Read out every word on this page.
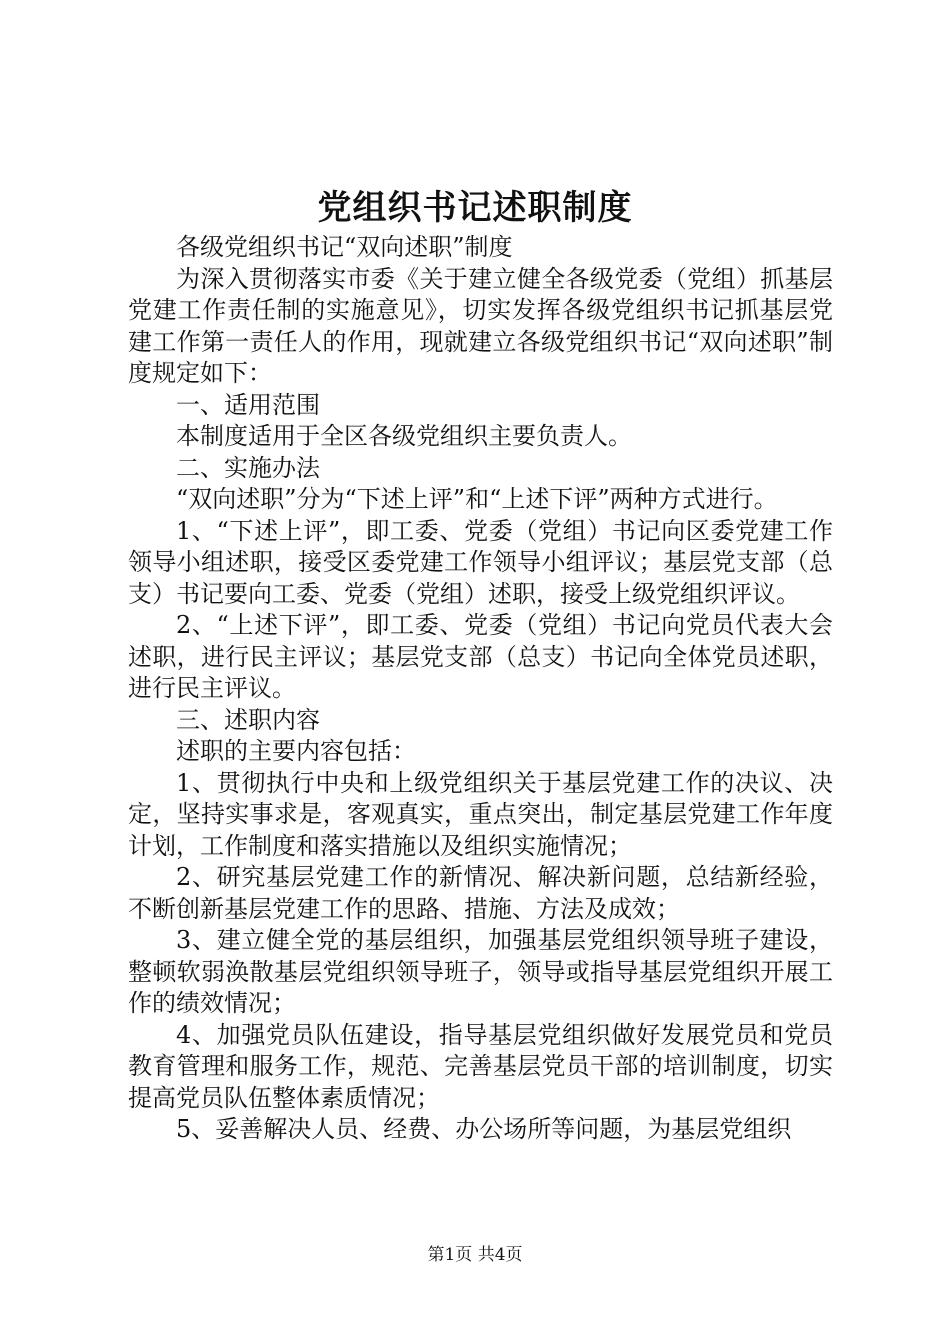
党组织书记述职制度

各级党组织书记“双向述职”制度

为深入贯彻落实市委《关于建立健全各级党委（党组）抓基层党建工作责任制的实施意见》，切实发挥各级党组织书记抓基层党建工作第一责任人的作用，现就建立各级党组织书记“双向述职”制度规定如下：

一、适用范围

本制度适用于全区各级党组织主要负责人。

二、实施办法

“双向述职”分为“下述上评”和“上述下评”两种方式进行。

1、“下述上评”，即工委、党委（党组）书记向区委党建工作领导小组述职，接受区委党建工作领导小组评议；基层党支部（总支）书记要向工委、党委（党组）述职，接受上级党组织评议。

2、“上述下评”，即工委、党委（党组）书记向党员代表大会述职，进行民主评议；基层党支部（总支）书记向全体党员述职，进行民主评议。

三、述职内容

述职的主要内容包括：

1、贯彻执行中央和上级党组织关于基层党建工作的决议、决定，坚持实事求是，客观真实，重点突出，制定基层党建工作年度计划，工作制度和落实措施以及组织实施情况；

2、研究基层党建工作的新情况、解决新问题，总结新经验，不断创新基层党建工作的思路、措施、方法及成效；

3、建立健全党的基层组织，加强基层党组织领导班子建设，整顿软弱涣散基层党组织领导班子，领导或指导基层党组织开展工作的绩效情况；

4、加强党员队伍建设，指导基层党组织做好发展党员和党员教育管理和服务工作，规范、完善基层党员干部的培训制度，切实提高党员队伍整体素质情况；

5、妥善解决人员、经费、办公场所等问题，为基层党组织

第1页 共4页
